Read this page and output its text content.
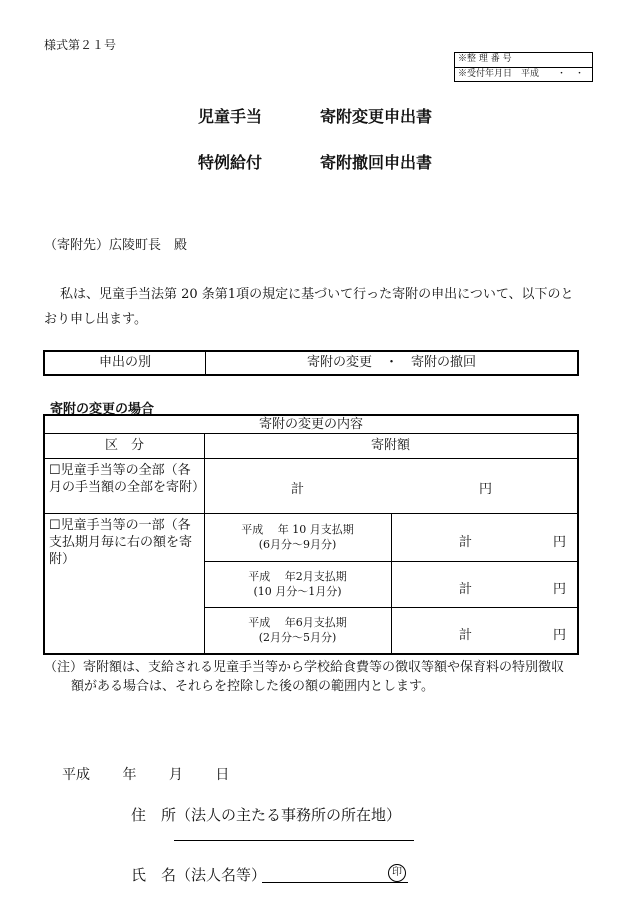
様式第２１号
※整 理 番 号
※受付年月日　平成　　・　・
児童手当	寄附変更申出書
特例給付	寄附撤回申出書
（寄附先）広陵町長　殿
私は、児童手当法第 20 条第1項の規定に基づいて行った寄附の申出について、以下のとおり申し出ます。
申出の別	寄附の変更　・　寄附の撤回
寄附の変更の場合
寄附の変更の内容
区　分	寄附額
☐児童手当等の全部（各月の手当額の全部を寄附）	計	円
☐児童手当等の一部（各支払期月毎に右の額を寄附）
平成　 年 10 月支払期
(6月分～9月分)	計	円
平成　 年2月支払期
(10 月分～1月分)	計	円
平成　 年6月支払期
(2月分～5月分)	計	円
（注）寄附額は、支給される児童手当等から学校給食費等の徴収等額や保育料の特別徴収
額がある場合は、それらを控除した後の額の範囲内とします。
平成　　 年　　 月　　 日
住　所（法人の主たる事務所の所在地）
氏　名（法人名等）	印
